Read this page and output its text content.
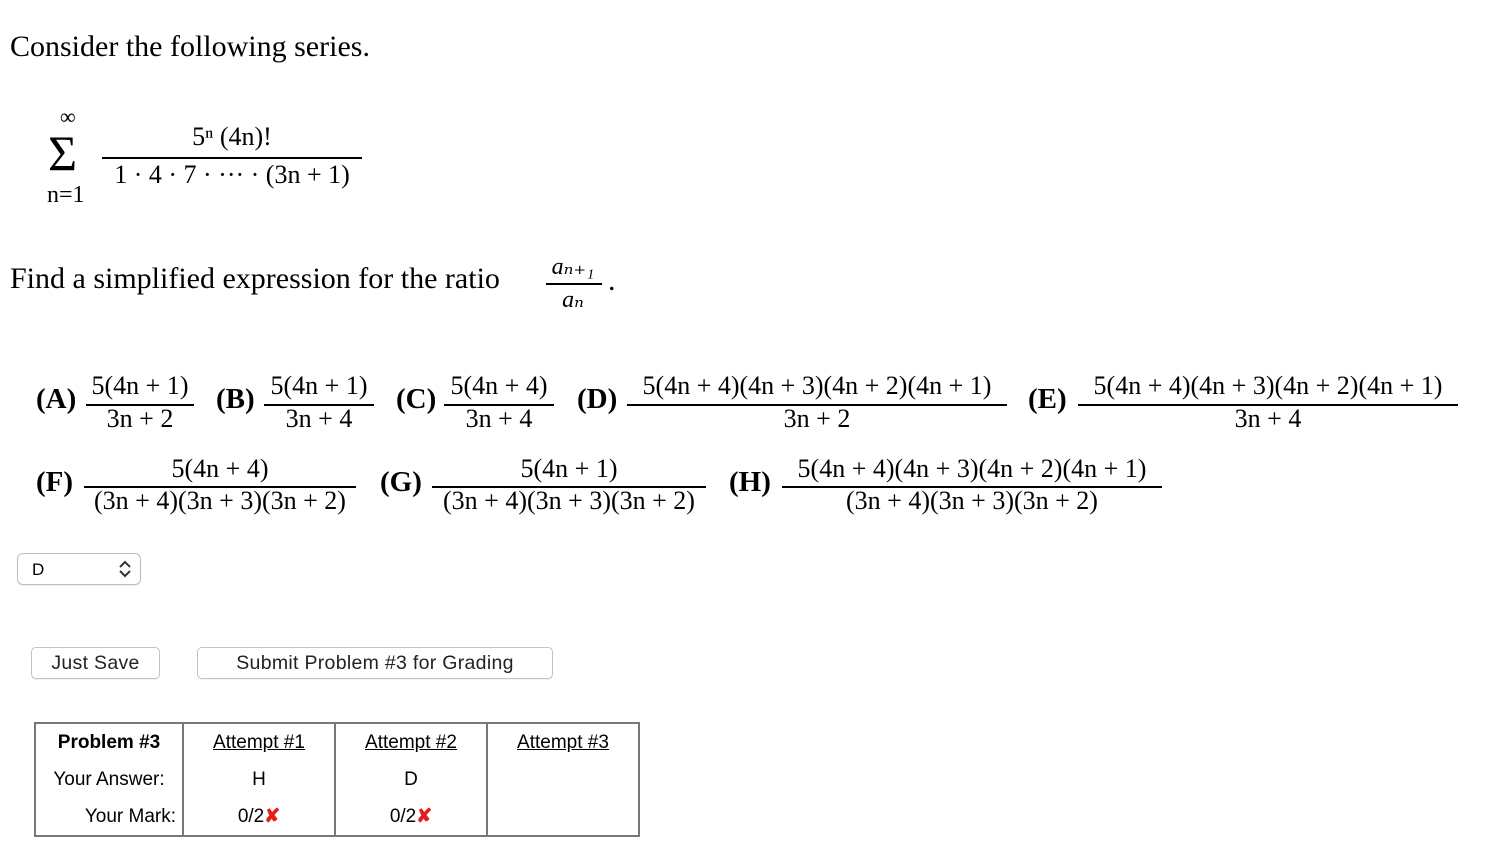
Consider the following series.
∞
Σ
n=1
5ⁿ (4n)!
1 · 4 · 7 · ··· · (3n + 1)
Find a simplified expression for the ratio	aₙ₊₁
aₙ
.
(A) 5(4n + 1)
3n + 2
(B) 5(4n + 1)
3n + 4
(C) 5(4n + 4)
3n + 4
(D) 5(4n + 4)(4n + 3)(4n + 2)(4n + 1)
3n + 2
(E)	5(4n + 4)(4n + 3)(4n + 2)(4n + 1)
3n + 4
(F)	5(4n + 4)
(3n + 4)(3n + 3)(3n + 2)
(G)	5(4n + 1)
(3n + 4)(3n + 3)(3n + 2)
(H)	5(4n + 4)(4n + 3)(4n + 2)(4n + 1)
(3n + 4)(3n + 3)(3n + 2)
D
Just Save	Submit Problem #3 for Grading
Problem #3	Attempt #1	Attempt #2	Attempt #3
Your Answer:	H	D	
Your Mark:	0/2✘	0/2✘	
